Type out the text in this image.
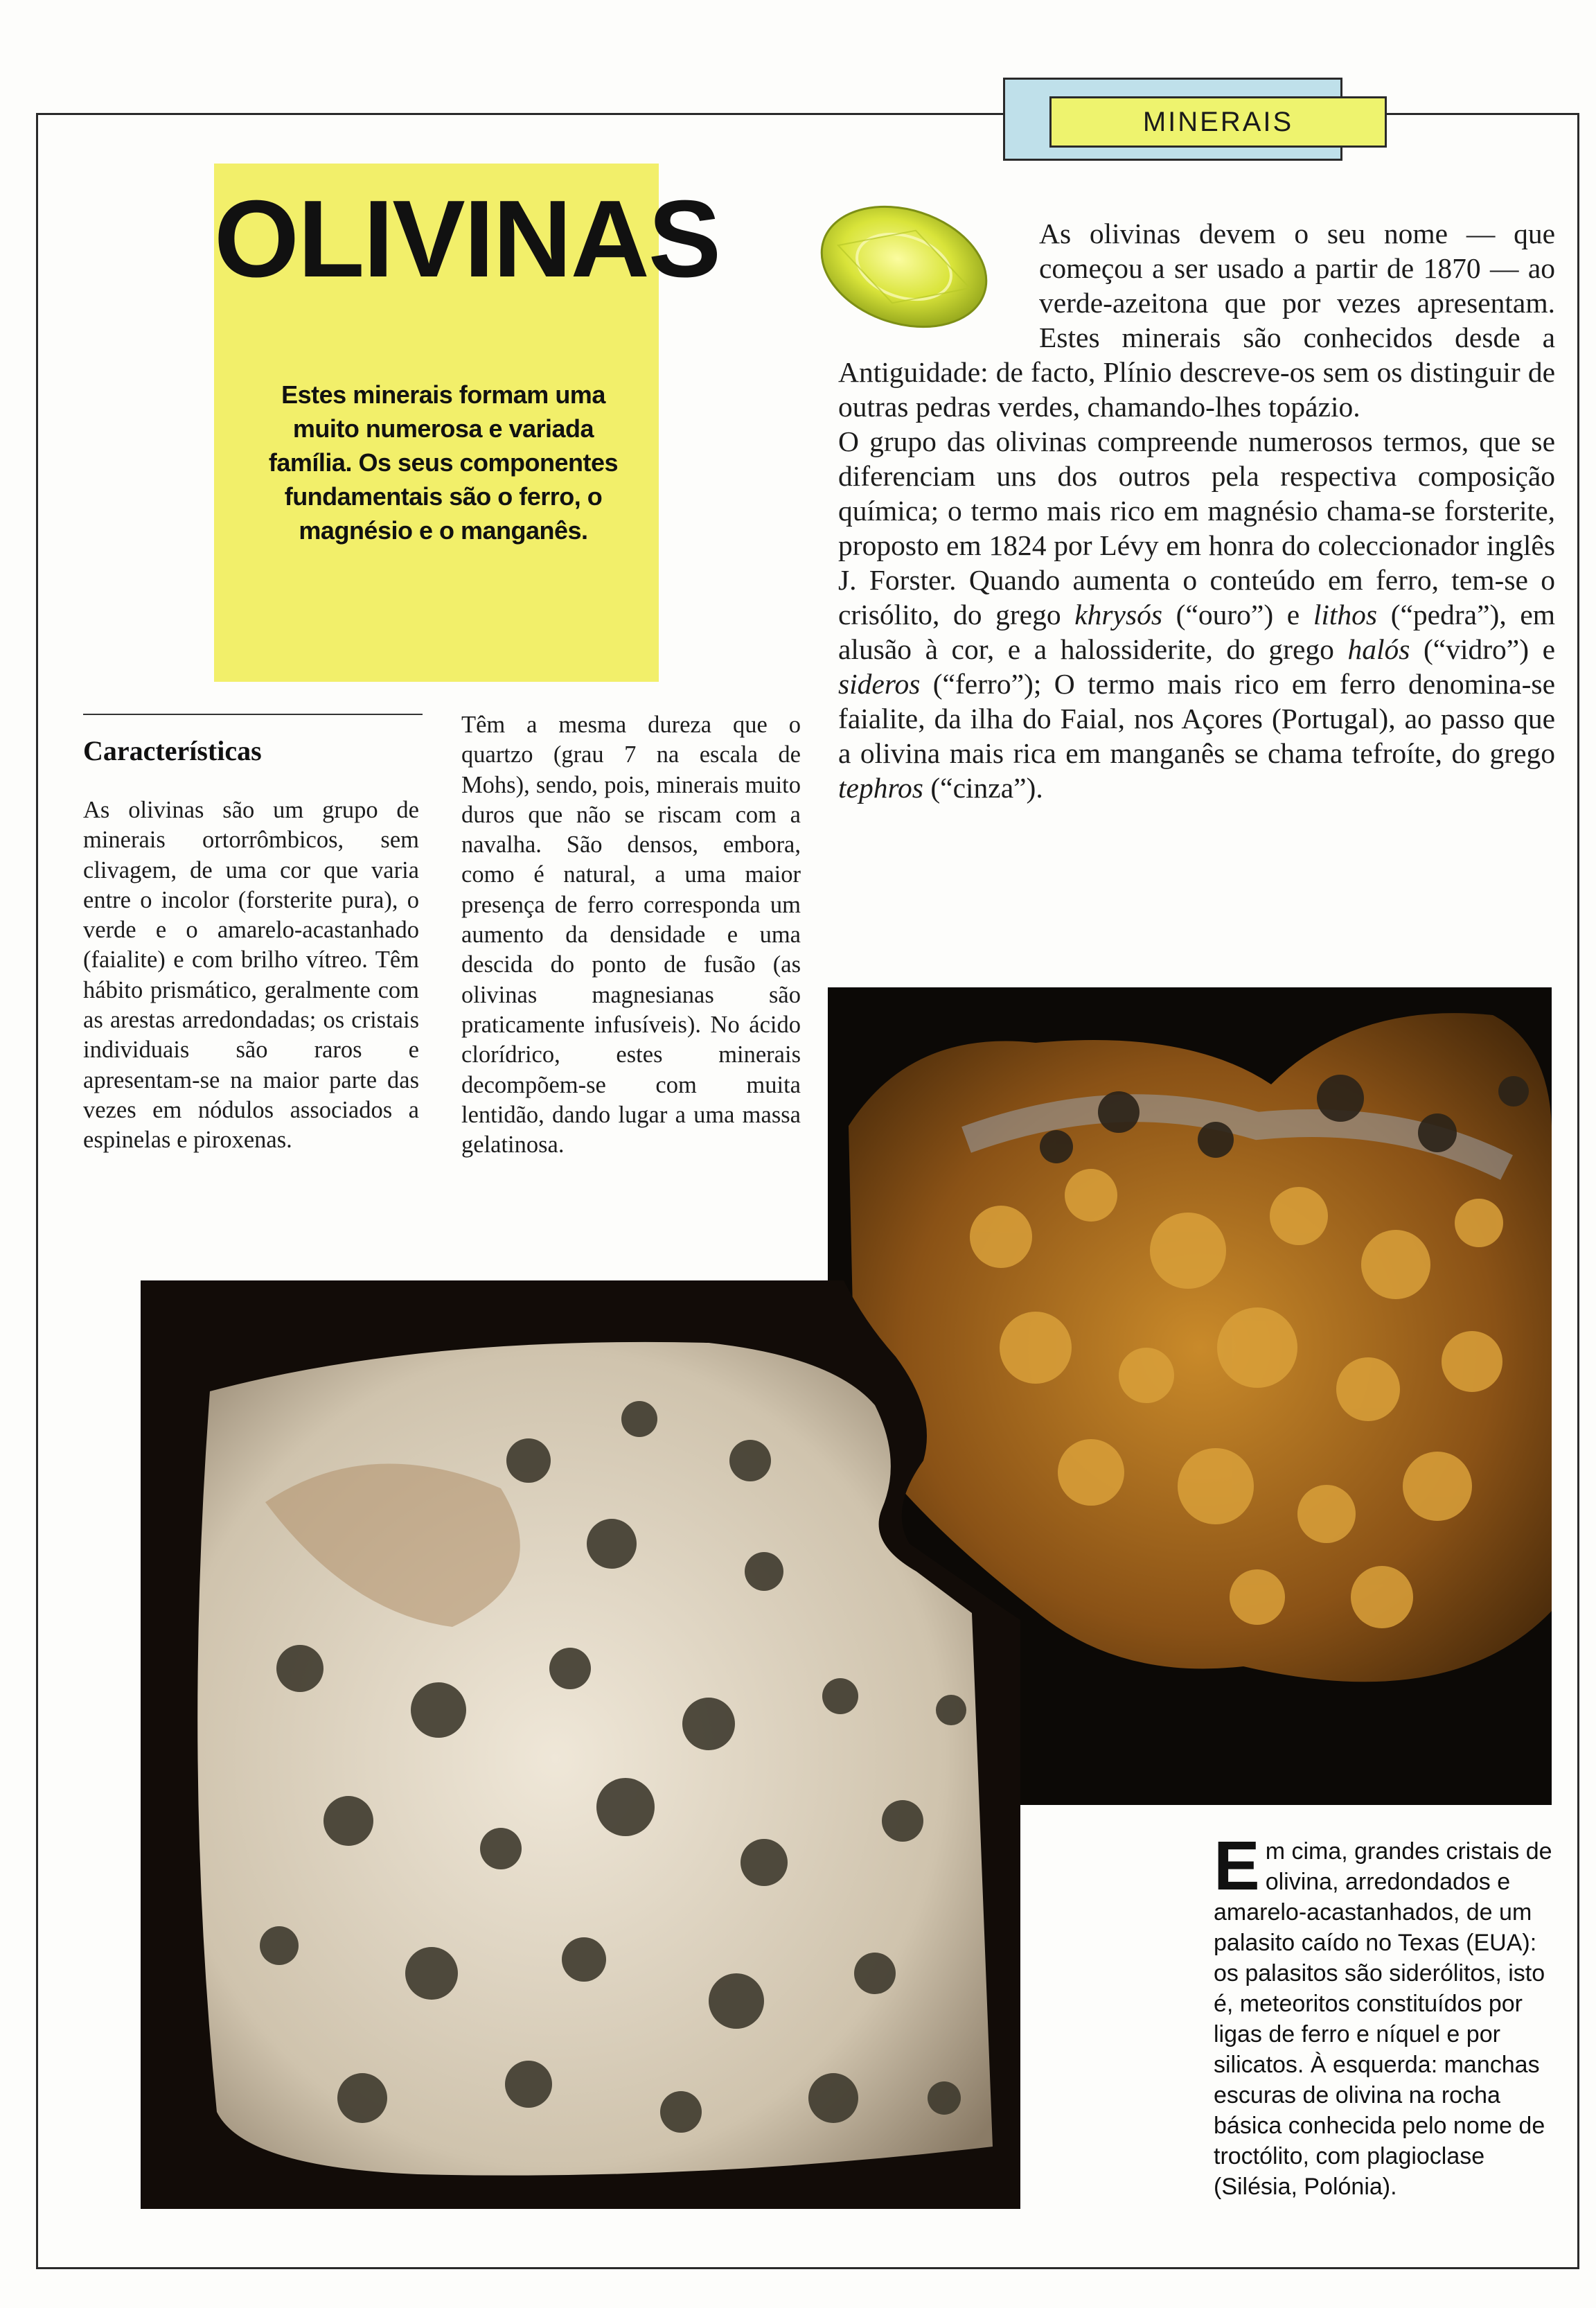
MINERAIS
OLIVINAS
Estes minerais formam uma muito numerosa e variada família. Os seus componentes fundamentais são o ferro, o magnésio e o manganês.
Características
As olivinas são um grupo de minerais ortorrômbicos, sem clivagem, de uma cor que varia entre o incolor (forsterite pura), o verde e o amarelo-acastanhado (faialite) e com brilho vítreo. Têm hábito prismático, geralmente com as arestas arredondadas; os cristais individuais são raros e apresentam-se na maior parte das vezes em nódulos associados a espinelas e piroxenas.
Têm a mesma dureza que o quartzo (grau 7 na escala de Mohs), sendo, pois, minerais muito duros que não se riscam com a navalha. São densos, embora, como é natural, a uma maior presença de ferro corresponda um aumento da densidade e uma descida do ponto de fusão (as olivinas magnesianas são praticamente infusíveis). No ácido clorídrico, estes minerais decompõem-se com muita lentidão, dando lugar a uma massa gelatinosa.

As olivinas devem o seu nome — que começou a ser usado a partir de 1870 — ao verde-azeitona que por vezes apresentam. Estes minerais são conhecidos desde a Antiguidade: de facto, Plínio descreve-os sem os distinguir de outras pedras verdes, chamando-lhes topázio.

O grupo das olivinas compreende numerosos termos, que se diferenciam uns dos outros pela respectiva composição química; o termo mais rico em magnésio chama-se forsterite, proposto em 1824 por Lévy em honra do coleccionador inglês J. Forster. Quando aumenta o conteúdo em ferro, tem-se o crisólito, do grego khrysós (“ouro”) e lithos (“pedra”), em alusão à cor, e a halossiderite, do grego halós (“vidro”) e sideros (“ferro”); O termo mais rico em ferro denomina-se faialite, da ilha do Faial, nos Açores (Portugal), ao passo que a olivina mais rica em manganês se chama tefroíte, do grego tephros (“cinza”).

Em cima, grandes cristais de olivina, arredondados e amarelo-acastanhados, de um palasito caído no Texas (EUA): os palasitos são siderólitos, isto é, meteoritos constituídos por ligas de ferro e níquel e por silicatos. À esquerda: manchas escuras de olivina na rocha básica conhecida pelo nome de troctólito, com plagioclase (Silésia, Polónia).
